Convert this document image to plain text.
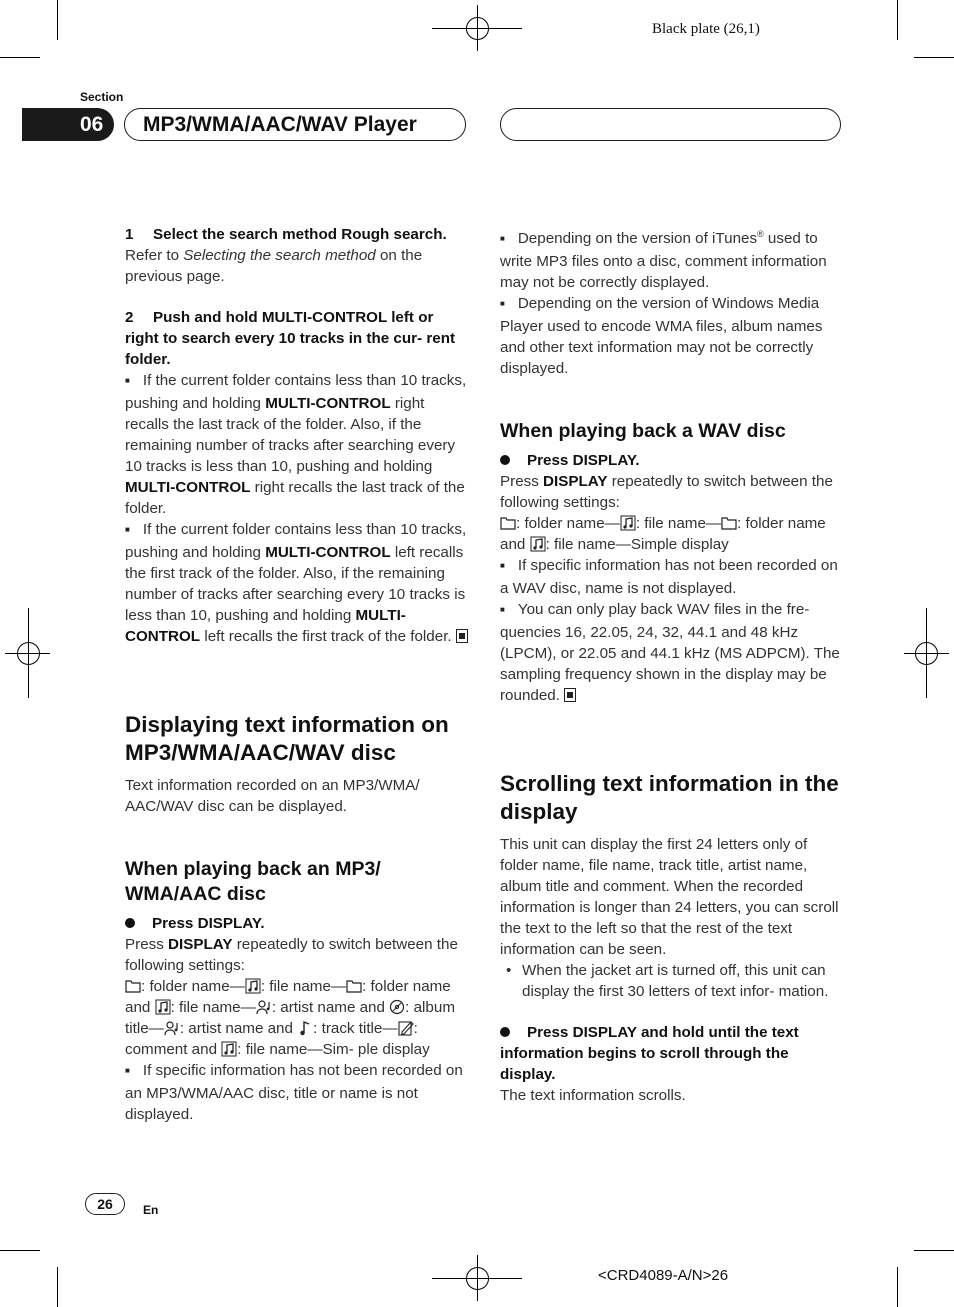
Black plate (26,1)
Section
06	MP3/WMA/AAC/WAV Player

1 Select the search method Rough search.

Refer to Selecting the search method on the previous page.

2 Push and hold MULTI-CONTROL left or right to search every 10 tracks in the cur- rent folder.

■ If the current folder contains less than 10 tracks, pushing and holding MULTI-CONTROL right recalls the last track of the folder. Also, if the remaining number of tracks after searching every 10 tracks is less than 10, pushing and holding MULTI-CONTROL right recalls the last track of the folder.

■ If the current folder contains less than 10 tracks, pushing and holding MULTI-CONTROL left recalls the first track of the folder. Also, if the remaining number of tracks after searching every 10 tracks is less than 10, pushing and holding MULTI-CONTROL left recalls the first track of the folder.

Displaying text information on MP3/WMA/AAC/WAV disc

Text information recorded on an MP3/WMA/ AAC/WAV disc can be displayed.

When playing back an MP3/ WMA/AAC disc

Press DISPLAY.

Press DISPLAY repeatedly to switch between the following settings:

: folder name— : file name— : folder name and : file name— : artist name and : album title— : artist name and : track title— : comment and : file name—Sim- ple display

■ If specific information has not been recorded on an MP3/WMA/AAC disc, title or name is not displayed.

■ Depending on the version of iTunes® used to write MP3 files onto a disc, comment information may not be correctly displayed.

■ Depending on the version of Windows Media Player used to encode WMA files, album names and other text information may not be correctly displayed.

When playing back a WAV disc

Press DISPLAY.

Press DISPLAY repeatedly to switch between the following settings:

: folder name— : file name— : folder name and : file name—Simple display

■ If specific information has not been recorded on a WAV disc, name is not displayed.

■ You can only play back WAV files in the fre- quencies 16, 22.05, 24, 32, 44.1 and 48 kHz (LPCM), or 22.05 and 44.1 kHz (MS ADPCM). The sampling frequency shown in the display may be rounded.

Scrolling text information in the display

This unit can display the first 24 letters only of folder name, file name, track title, artist name, album title and comment. When the recorded information is longer than 24 letters, you can scroll the text to the left so that the rest of the text information can be seen.

• When the jacket art is turned off, this unit can display the first 30 letters of text infor- mation.

Press DISPLAY and hold until the text information begins to scroll through the display.

The text information scrolls.

26	En
<CRD4089-A/N>26
